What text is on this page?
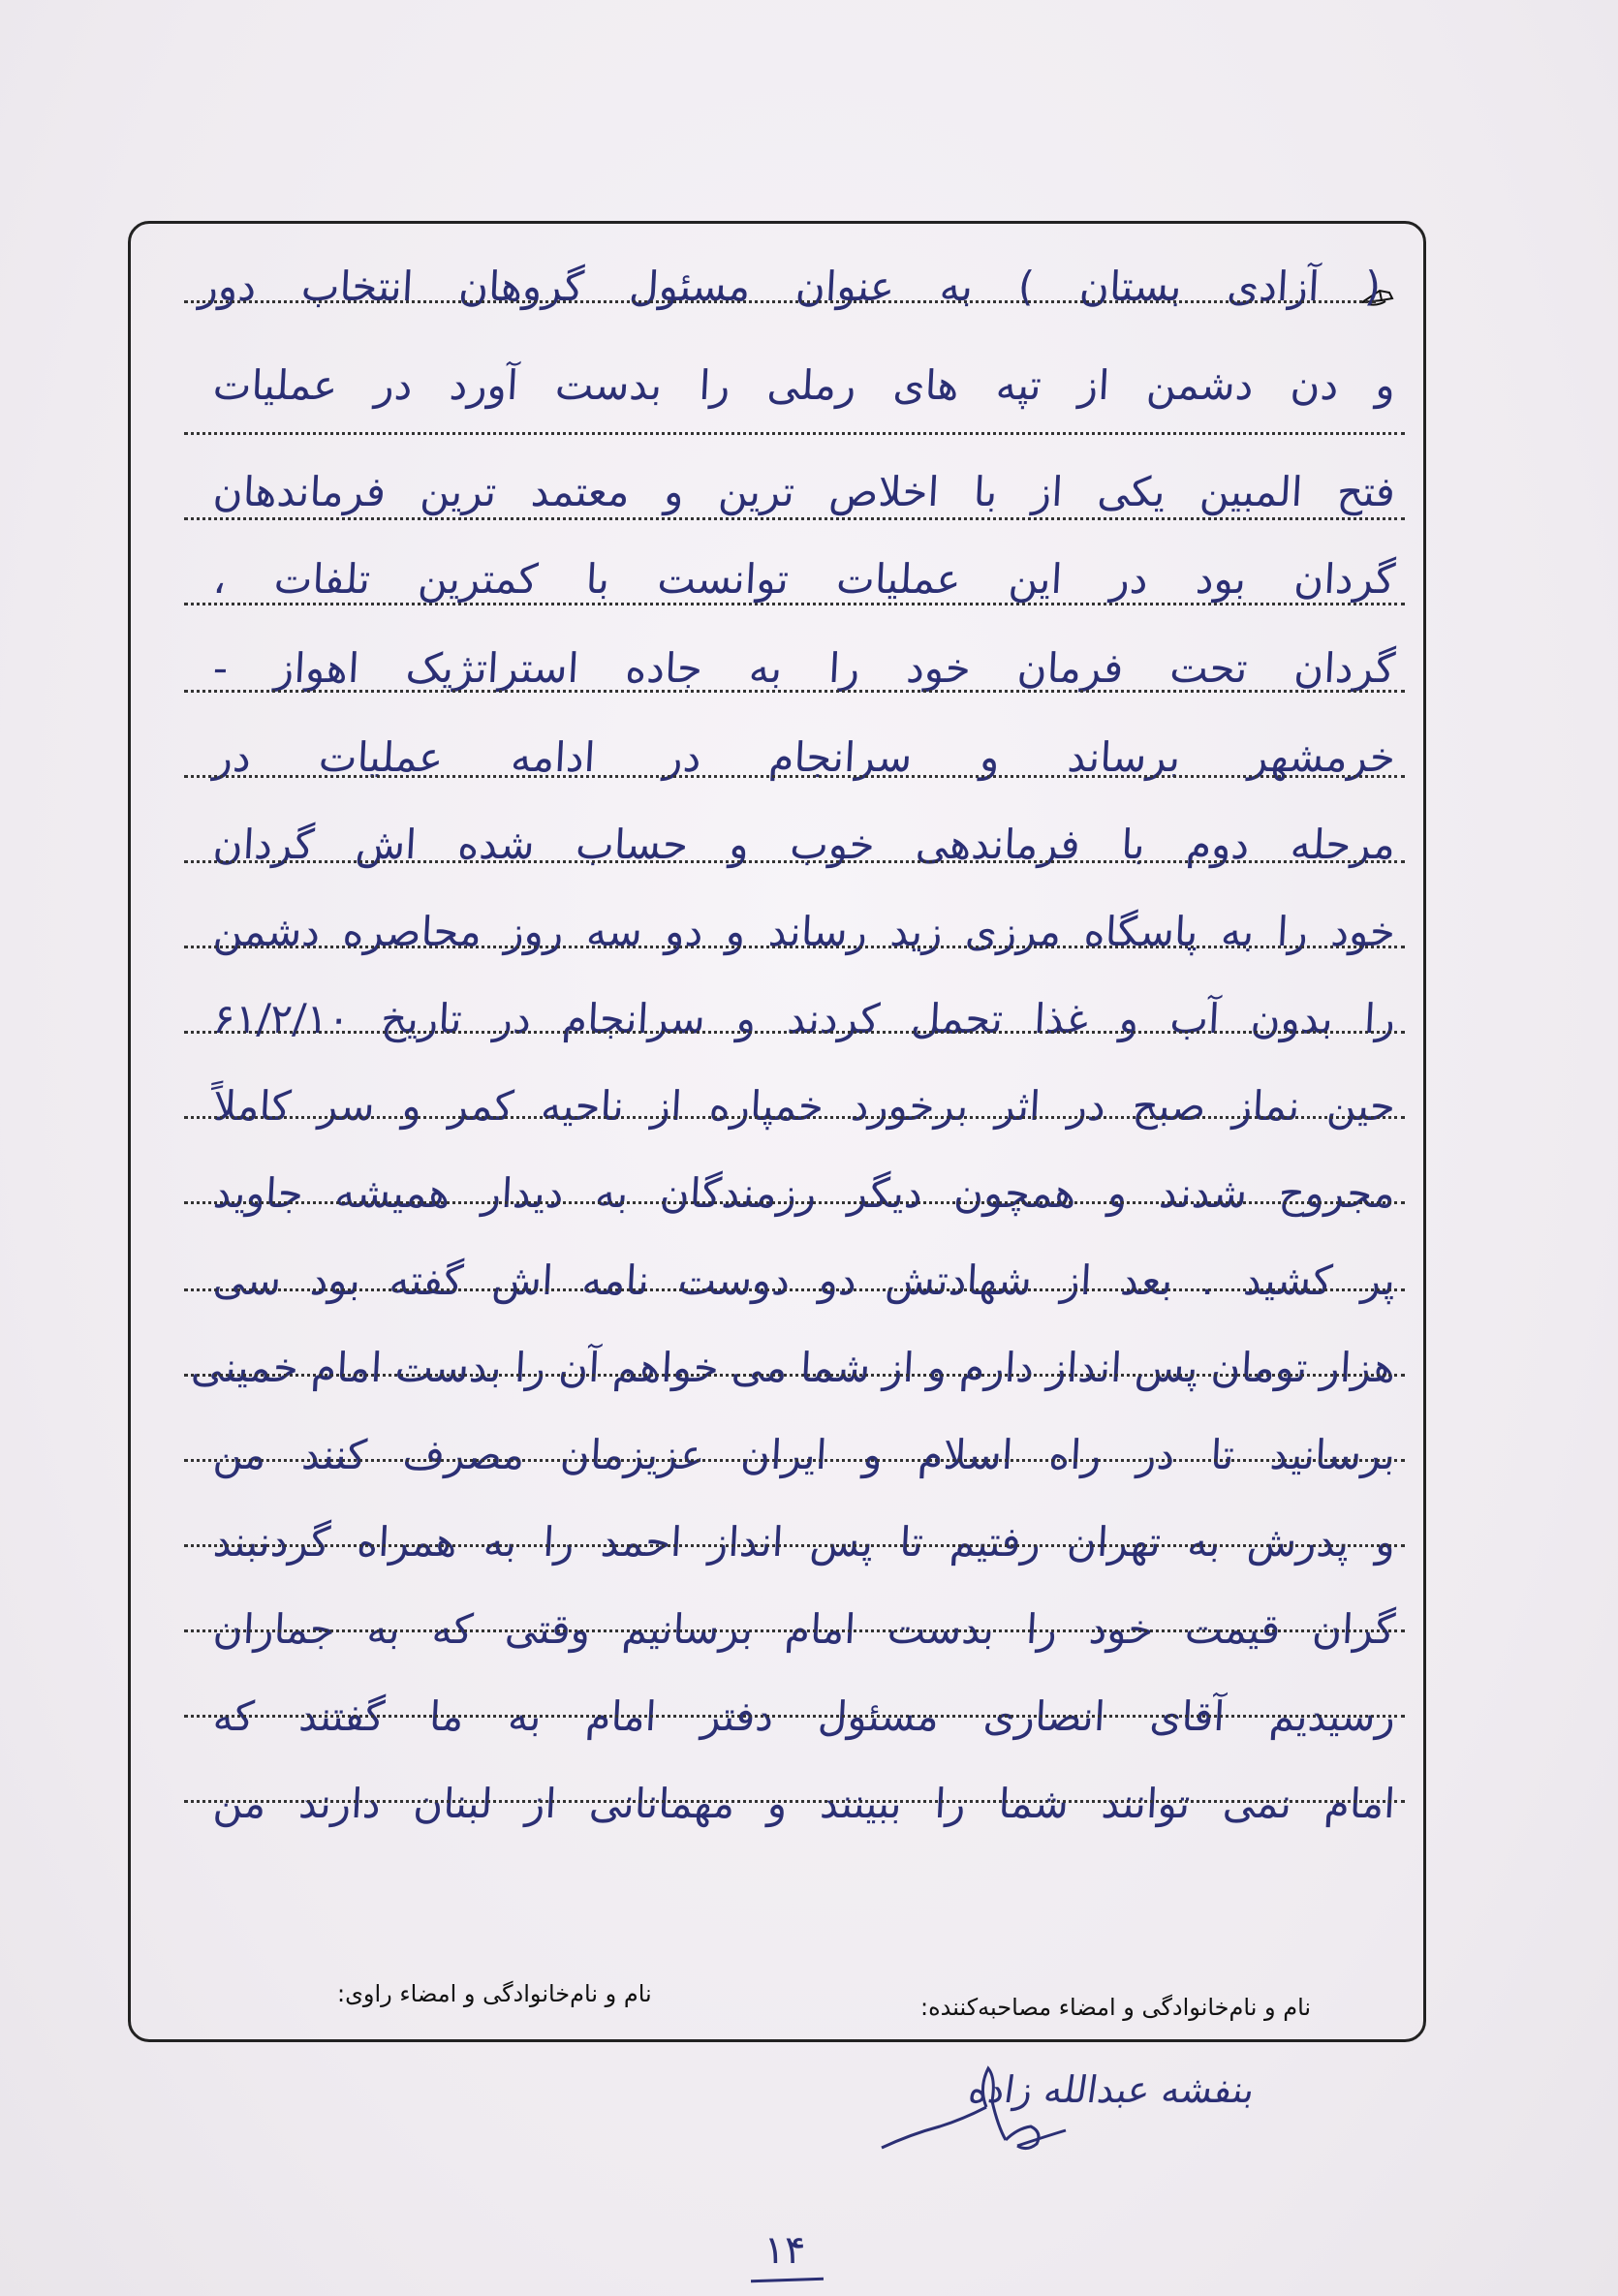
( آزادی بستان ) به عنوان مسئول گروهان انتخاب دور
و دن دشمن از تپه های رملی را بدست آورد در عملیات
فتح المبین یکی از با اخلاص ترین و معتمد ترین فرماندهان
گردان بود در این عملیات توانست با کمترین تلفات ،
گردان تحت فرمان خود را به جاده استراتژیک اهواز -
خرمشهر برساند و سرانجام در ادامه عملیات در
مرحله دوم با فرماندهی خوب و حساب شده اش گردان
خود را به پاسگاه مرزی زید رساند و دو سه روز محاصره دشمن
را بدون آب و غذا تحمل کردند و سرانجام در تاریخ ۶۱/۲/۱۰
حین نماز صبح در اثر برخورد خمپاره از ناحیه کمر و سر کاملاً
مجروح شدند و همچون دیگر رزمندگان به دیدار همیشه جاوید
پر کشید . بعد از شهادتش دو دوست نامه اش گفته بود سی
هزار تومان پس انداز دارم و از شما می خواهم آن را بدست امام خمینی
برسانید تا در راه اسلام و ایران عزیزمان مصرف کنند من
و پدرش به تهران رفتیم تا پس انداز احمد را به همراه گردنبند
گران قیمت خود را بدست امام برسانیم وقتی که به جماران
رسیدیم آقای انصاری مسئول دفتر امام به ما گفتند که
امام نمی توانند شما را ببینند و مهمانانی از لبنان دارند من
نام و نام‌خانوادگی و امضاء مصاحبه‌کننده:
نام و نام‌خانوادگی و امضاء راوی:
بنفشه عبدالله زاده
۱۴
